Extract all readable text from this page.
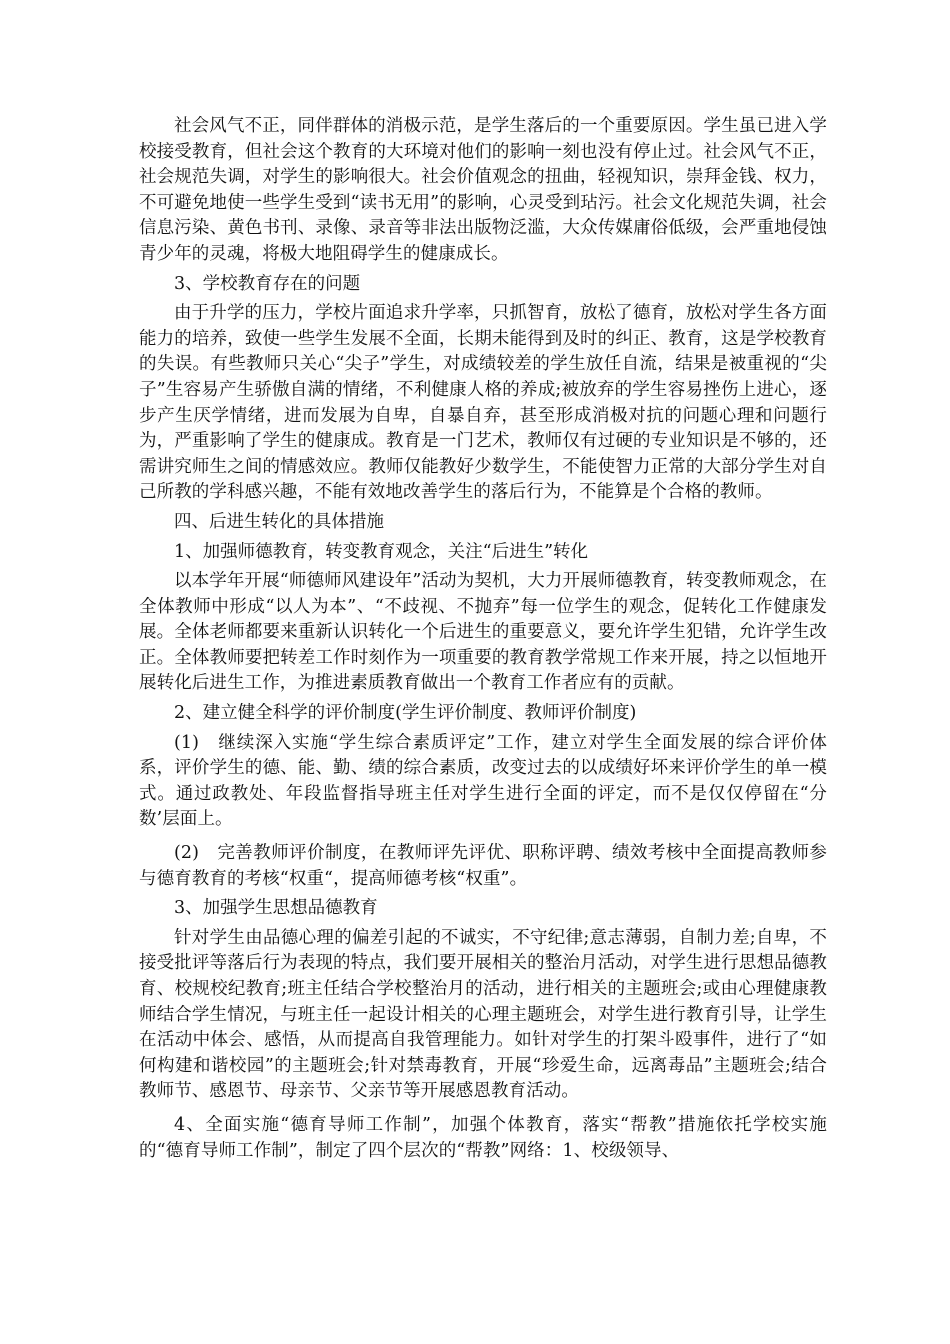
社会风气不正，同伴群体的消极示范，是学生落后的一个重要原因。学生虽已进入学校接受教育，但社会这个教育的大环境对他们的影响一刻也没有停止过。社会风气不正，社会规范失调，对学生的影响很大。社会价值观念的扭曲，轻视知识，崇拜金钱、权力，不可避免地使一些学生受到“读书无用”的影响，心灵受到玷污。社会文化规范失调，社会信息污染、黄色书刊、录像、录音等非法出版物泛滥，大众传媒庸俗低级，会严重地侵蚀青少年的灵魂，将极大地阻碍学生的健康成长。

3、学校教育存在的问题

由于升学的压力，学校片面追求升学率，只抓智育，放松了德育，放松对学生各方面能力的培养，致使一些学生发展不全面，长期未能得到及时的纠正、教育，这是学校教育的失误。有些教师只关心“尖子”学生，对成绩较差的学生放任自流，结果是被重视的“尖子”生容易产生骄傲自满的情绪，不利健康人格的养成;被放弃的学生容易挫伤上进心，逐步产生厌学情绪，进而发展为自卑，自暴自弃，甚至形成消极对抗的问题心理和问题行为，严重影响了学生的健康成。教育是一门艺术，教师仅有过硬的专业知识是不够的，还需讲究师生之间的情感效应。教师仅能教好少数学生，不能使智力正常的大部分学生对自己所教的学科感兴趣，不能有效地改善学生的落后行为，不能算是个合格的教师。

四、后进生转化的具体措施

1、加强师德教育，转变教育观念，关注“后进生”转化

以本学年开展“师德师风建设年”活动为契机，大力开展师德教育，转变教师观念，在全体教师中形成“以人为本”、“不歧视、不抛弃”每一位学生的观念，促转化工作健康发展。全体老师都要来重新认识转化一个后进生的重要意义，要允许学生犯错，允许学生改正。全体教师要把转差工作时刻作为一项重要的教育教学常规工作来开展，持之以恒地开展转化后进生工作，为推进素质教育做出一个教育工作者应有的贡献。

2、建立健全科学的评价制度(学生评价制度、教师评价制度)

(1)　继续深入实施“学生综合素质评定”工作，建立对学生全面发展的综合评价体系，评价学生的德、能、勤、绩的综合素质，改变过去的以成绩好坏来评价学生的单一模式。通过政教处、年段监督指导班主任对学生进行全面的评定，而不是仅仅停留在“分数’层面上。

(2)　完善教师评价制度，在教师评先评优、职称评聘、绩效考核中全面提高教师参与德育教育的考核“权重“，提高师德考核“权重”。

3、加强学生思想品德教育

针对学生由品德心理的偏差引起的不诚实，不守纪律;意志薄弱，自制力差;自卑，不接受批评等落后行为表现的特点，我们要开展相关的整治月活动，对学生进行思想品德教育、校规校纪教育;班主任结合学校整治月的活动，进行相关的主题班会;或由心理健康教师结合学生情况，与班主任一起设计相关的心理主题班会，对学生进行教育引导，让学生在活动中体会、感悟，从而提高自我管理能力。如针对学生的打架斗殴事件，进行了“如何构建和谐校园”的主题班会;针对禁毒教育，开展“珍爱生命，远离毒品”主题班会;结合教师节、感恩节、母亲节、父亲节等开展感恩教育活动。

4、全面实施“德育导师工作制”，加强个体教育，落实“帮教”措施依托学校实施的“德育导师工作制”，制定了四个层次的“帮教”网络：1、校级领导、
